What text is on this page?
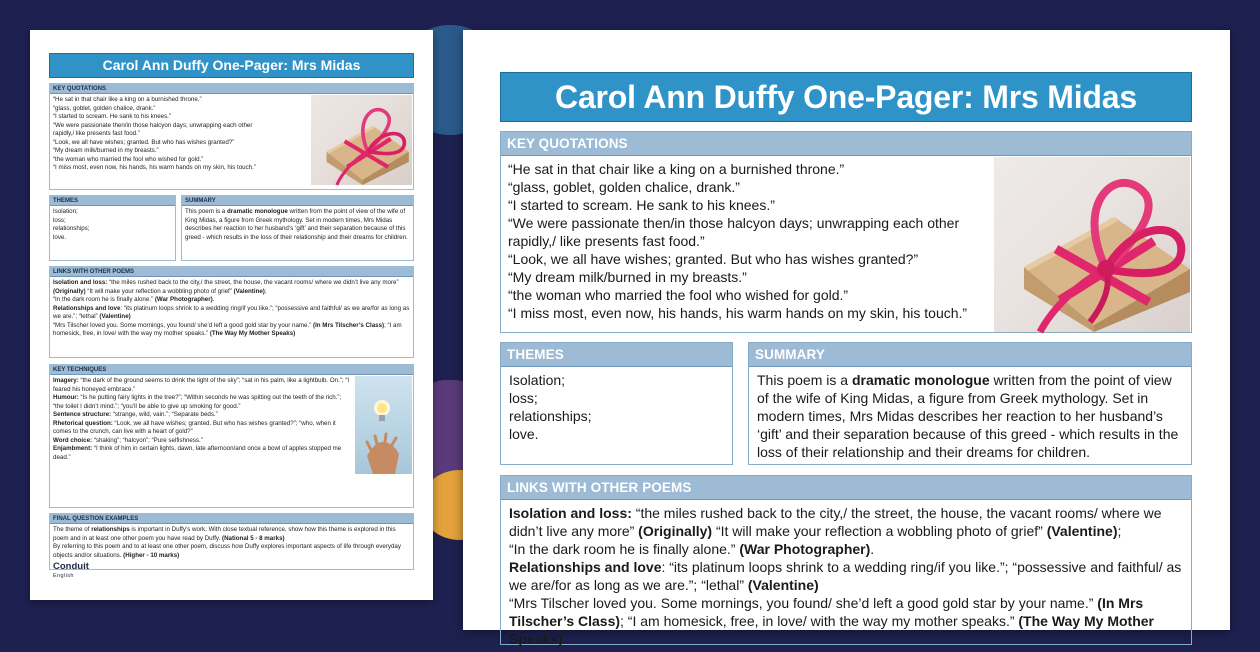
Carol Ann Duffy One-Pager: Mrs Midas
KEY QUOTATIONS
“He sat in that chair like a king on a burnished throne.”
“glass, goblet, golden chalice, drank.”
“I started to scream. He sank to his knees.”
“We were passionate then/in those halcyon days; unwrapping each other
rapidly,/ like presents fast food.”
“Look, we all have wishes; granted. But who has wishes granted?”
“My dream milk/burned in my breasts.”
“the woman who married the fool who wished for gold.”
“I miss most, even now, his hands, his warm hands on my skin, his touch.”
THEMES
Isolation;
loss;
relationships;
love.
SUMMARY
This poem is a dramatic monologue written from the point of view of the wife of King Midas, a figure from Greek mythology. Set in modern times, Mrs Midas describes her reaction to her husband’s ‘gift’ and their separation because of this greed - which results in the loss of their relationship and their dreams for children.
LINKS WITH OTHER POEMS
Isolation and loss: “the miles rushed back to the city,/ the street, the house, the vacant rooms/ where we didn’t live any more” (Originally) “It will make your reflection a wobbling photo of grief” (Valentine);
“In the dark room he is finally alone.” (War Photographer).
Relationships and love: “its platinum loops shrink to a wedding ring/if you like.”; “possessive and faithful/ as we are/for as long as we are.”; “lethal” (Valentine)
“Mrs Tilscher loved you. Some mornings, you found/ she’d left a good gold star by your name.” (In Mrs Tilscher’s Class); “I am homesick, free, in love/ with the way my mother speaks.” (The Way My Mother Speaks)
KEY TECHNIQUES
Imagery: “the dark of the ground seems to drink the light of the sky”; “sat in his palm, like a lightbulb. On.”; “I feared his honeyed embrace.”
Humour: “Is he putting fairy lights in the tree?”; “Within seconds he was spitting out the teeth of the rich.”; “the toilet I didn’t mind.”; “you’ll be able to give up smoking for good.”
Sentence structure: “strange, wild, vain.”; “Separate beds.”
Rhetorical question: “Look, we all have wishes; granted. But who has wishes granted?”; “who, when it comes to the crunch, can live with a heart of gold?”
Word choice: “shaking”; “halcyon”; “Pure selfishness.”
Enjambment: “I think of him in certain lights, dawn, late afternoon/and once a bowl of apples stopped me dead.”
FINAL QUESTION EXAMPLES
The theme of relationships is important in Duffy’s work. With close textual reference, show how this theme is explored in this poem and in at least one other poem you have read by Duffy. (National 5 - 8 marks)
By referring to this poem and to at least one other poem, discuss how Duffy explores important aspects of life through everyday objects and/or situations. (Higher - 10 marks)
Conduit
English
Carol Ann Duffy One-Pager: Mrs Midas
KEY QUOTATIONS
“He sat in that chair like a king on a burnished throne.”
“glass, goblet, golden chalice, drank.”
“I started to scream. He sank to his knees.”
“We were passionate then/in those halcyon days; unwrapping each other
rapidly,/ like presents fast food.”
“Look, we all have wishes; granted. But who has wishes granted?”
“My dream milk/burned in my breasts.”
“the woman who married the fool who wished for gold.”
“I miss most, even now, his hands, his warm hands on my skin, his touch.”
THEMES
Isolation;
loss;
relationships;
love.
SUMMARY
This poem is a dramatic monologue written from the point of view of the wife of King Midas, a figure from Greek mythology. Set in modern times, Mrs Midas describes her reaction to her husband’s ‘gift’ and their separation because of this greed - which results in the loss of their relationship and their dreams for children.
LINKS WITH OTHER POEMS
Isolation and loss: “the miles rushed back to the city,/ the street, the house, the vacant rooms/ where we didn’t live any more” (Originally) “It will make your reflection a wobbling photo of grief” (Valentine);
“In the dark room he is finally alone.” (War Photographer).
Relationships and love: “its platinum loops shrink to a wedding ring/if you like.”; “possessive and faithful/ as we are/for as long as we are.”; “lethal” (Valentine)
“Mrs Tilscher loved you. Some mornings, you found/ she’d left a good gold star by your name.” (In Mrs Tilscher’s Class); “I am homesick, free, in love/ with the way my mother speaks.” (The Way My Mother Speaks)
